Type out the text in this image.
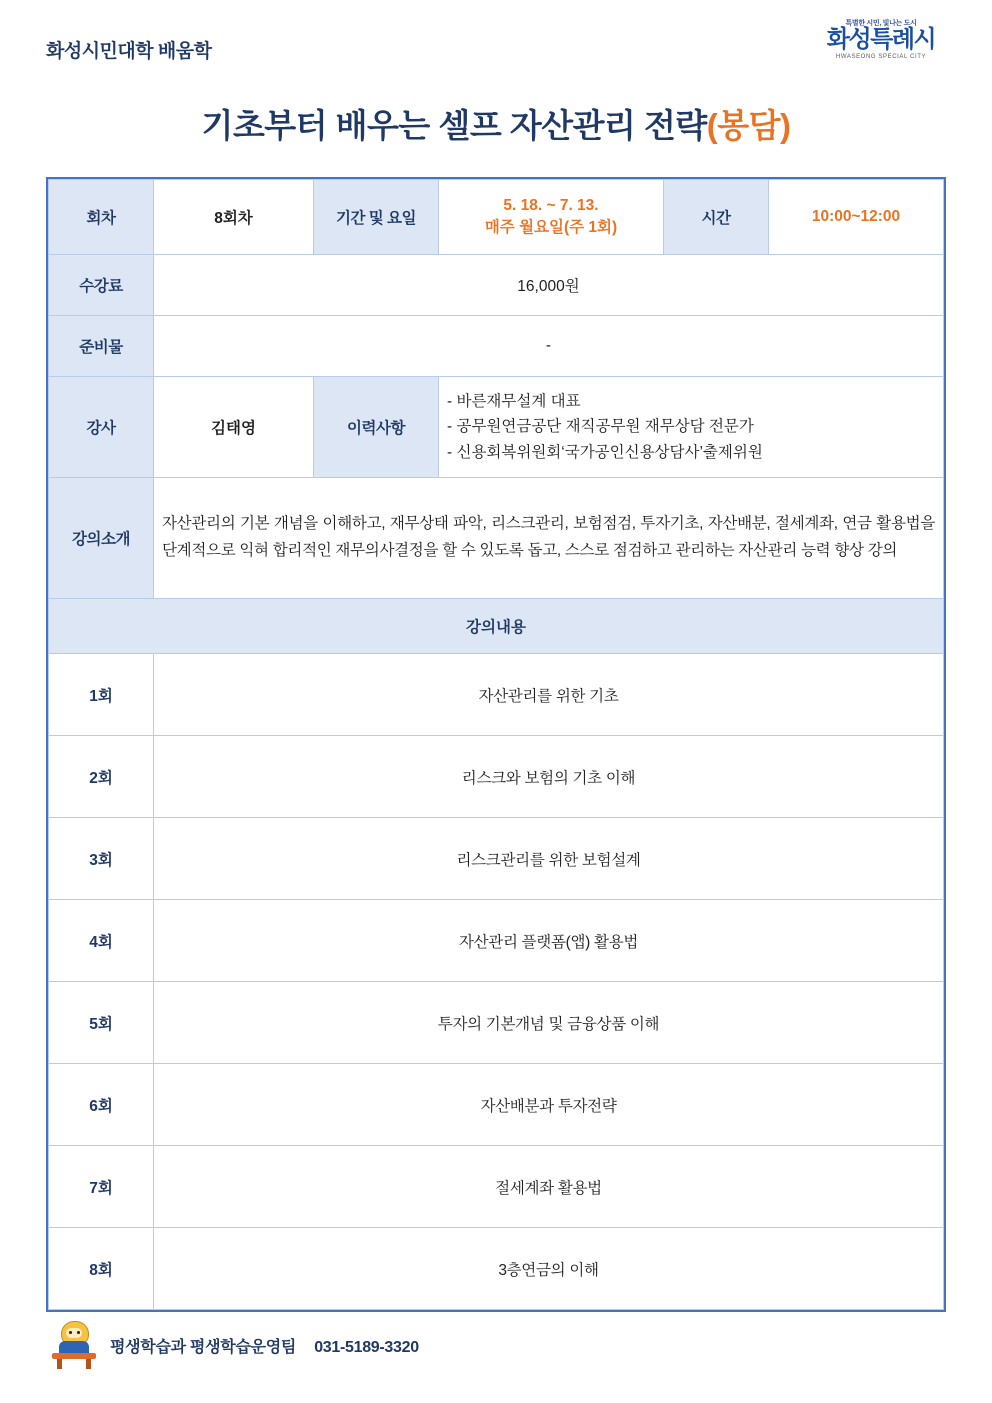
화성시민대학 배움학
특별한 시민, 빛나는 도시
화성특례시
HWASEONG SPECIAL CITY
기초부터 배우는 셀프 자산관리 전략(봉담)
회차	8회차	기간 및 요일	5. 18. ~ 7. 13.
매주 월요일(주 1회)	시간	10:00~12:00
수강료	16,000원				
준비물	-				
강사	김태영	이력사항	- 바른재무설계 대표
- 공무원연금공단 재직공무원 재무상담 전문가
- 신용회복위원회‘국가공인신용상담사’출제위원		

강의소개	자산관리의 기본 개념을 이해하고, 재무상태 파악, 리스크관리, 보험점검, 투자기초, 자산배분, 절세계좌, 연금 활용법을 단계적으로 익혀 합리적인 재무의사결정을 할 수 있도록 돕고, 스스로 점검하고 관리하는 자산관리 능력 향상 강의				
강의내용					
1회	자산관리를 위한 기초				
2회	리스크와 보험의 기초 이해				
3회	리스크관리를 위한 보험설계				
4회	자산관리 플랫폼(앱) 활용법				
5회	투자의 기본개념 및 금융상품 이해				
6회	자산배분과 투자전략				
7회	절세계좌 활용법				
8회	3층연금의 이해				
평생학습과 평생학습운영팀 031-5189-3320
